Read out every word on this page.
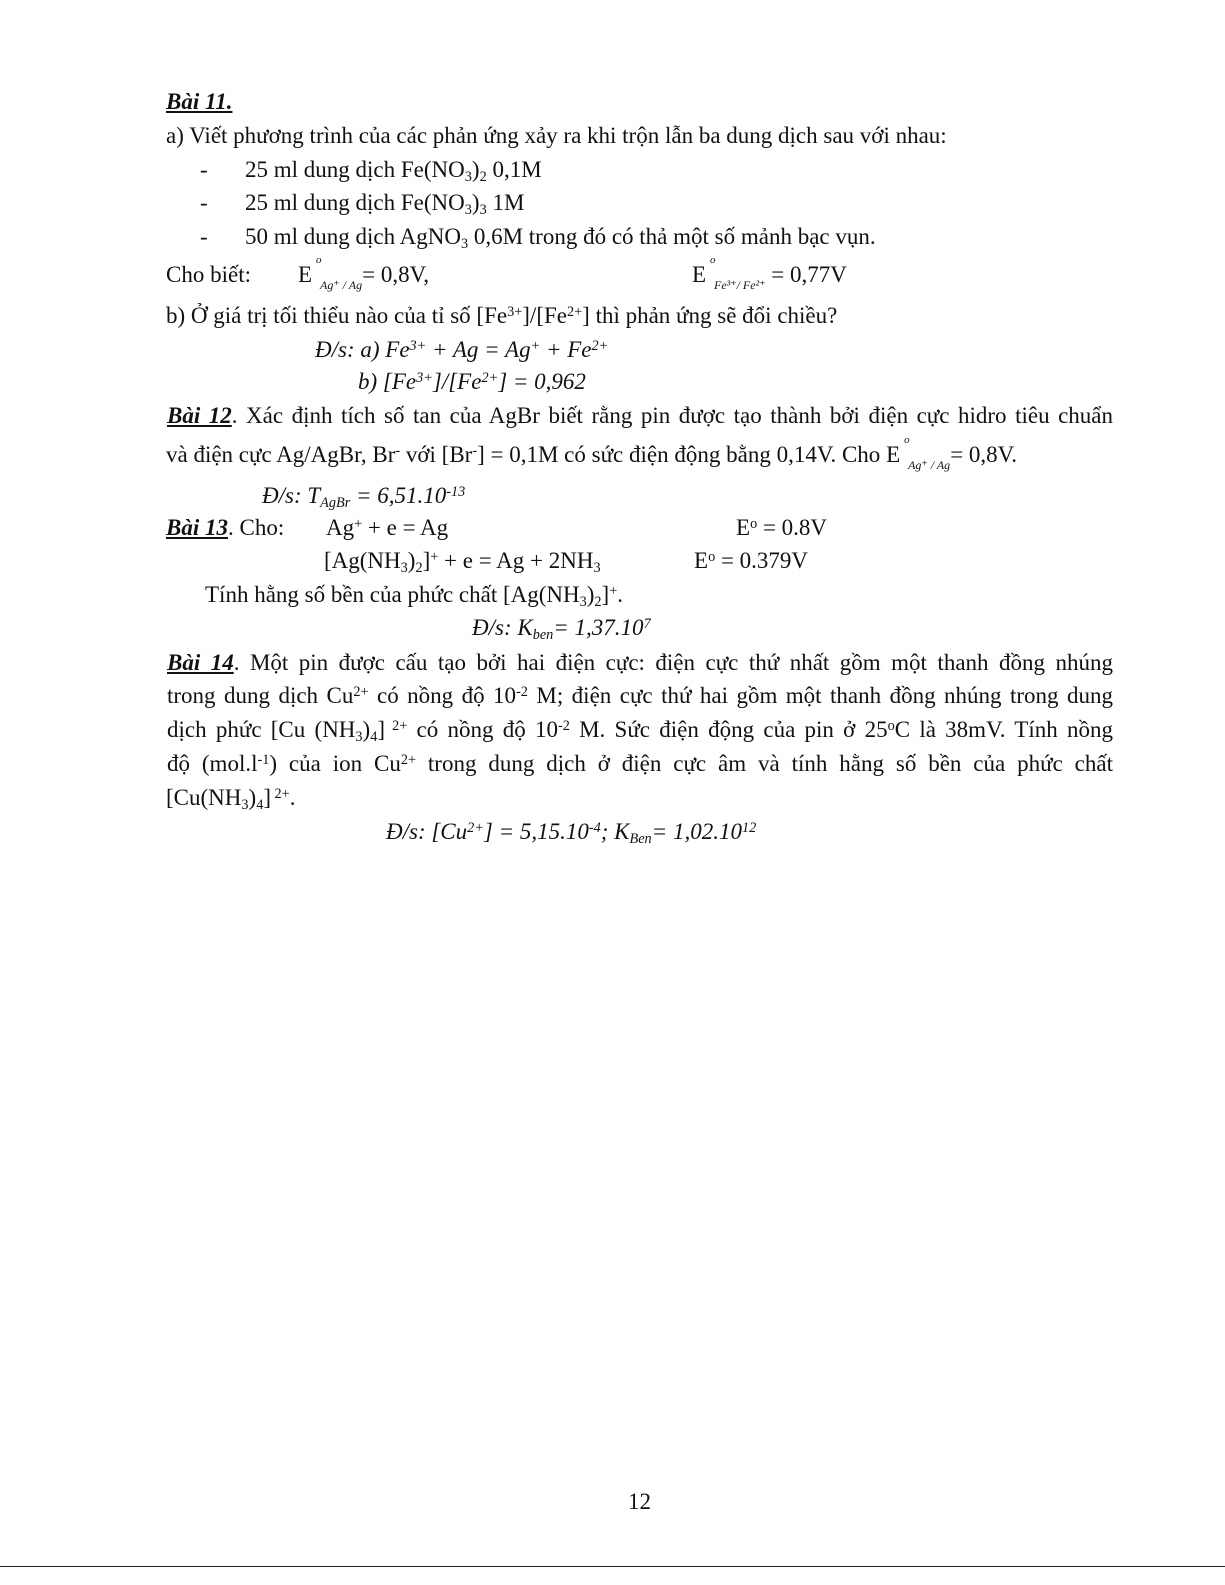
Bài 11.
a) Viết phương trình của các phản ứng xảy ra khi trộn lẫn ba dung dịch sau với nhau:
- 25 ml dung dịch $Fe(NO_3)_2$ 0,1M
- 25 ml dung dịch $Fe(NO_3)_3$ 1M
- 50 ml dung dịch AgNO$_3$ 0,6M trong đó có thả một số mảnh bạc vụn.
Cho biết: E
o
$_{Ag^+ / Ag}$= 0,8V,	E
o
$_{Fe^{3+}/ Fe^{2+}}$ = 0,77V
b) Ở giá trị tối thiểu nào của tỉ số $[Fe^{3+}]/[Fe^{2+}]$ thì phản ứng sẽ đổi chiều?
Đ/s: a) $Fe^{3+} + Ag = Ag^+ + Fe^{2+}$
b) $[Fe^{3+}]/[Fe^{2+}] = 0,962$
Bài 12. Xác định tích số tan của AgBr biết rằng pin được tạo thành bởi điện cực hidro tiêu chuẩn
và điện cực Ag/AgBr, Br- với [Br-] = 0,1M có sức điện động bằng 0,14V. Cho E
o
$_{Ag^+ / Ag}$= 0,8V.
Đ/s: $T_{AgBr} = 6,51.10^{-13}$
Bài 13. Cho: Ag+ + e = Ag	$E^o = 0.8V$
$[Ag(NH_3)_2]^+ + e = Ag + 2NH_3$	$E^o = 0.379V$
Tính hằng số bền của phức chất $[Ag(NH_3)_2]^+$.
Đ/s: $K_{ben}= 1,37.10^7$
Bài 14. Một pin được cấu tạo bởi hai điện cực: điện cực thứ nhất gồm một thanh đồng nhúng
trong dung dịch $Cu^{2+}$ có nồng độ $10^{-2}$ M; điện cực thứ hai gồm một thanh đồng nhúng trong dung
dịch phức [Cu $(NH_3)_4$] $^{2+}$ có nồng độ $10^{-2}$ M. Sức điện động của pin ở 25$^o$C là 38mV. Tính nồng
độ $(mol.l^{-1})$ của ion $Cu^{2+}$ trong dung dịch ở điện cực âm và tính hằng số bền của phức chất
$[Cu(NH_3)_4]$ $^{2+}$.
Đ/s: $[Cu^{2+}] = 5,15.10^{-4}$; $K_{Ben}= 1,02.10^{12}$
12
